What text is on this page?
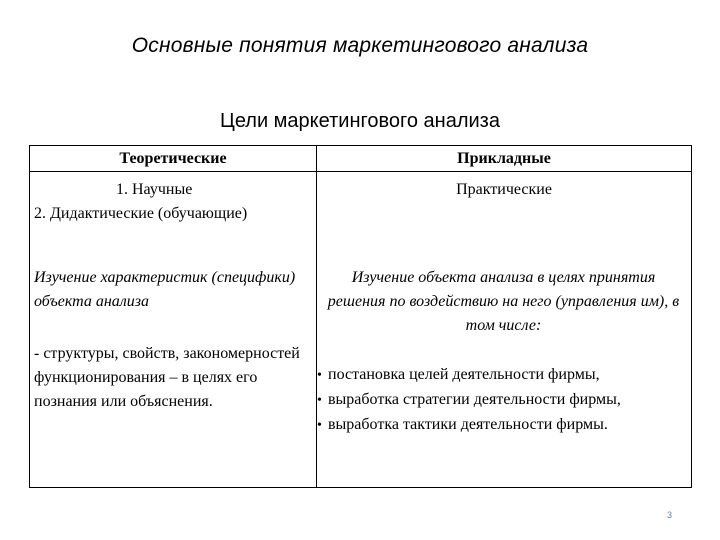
Основные понятия маркетингового анализа
Цели маркетингового анализа
Теоретические	Прикладные
1. Научные
2. Дидактические (обучающие)
Практические
Изучение характеристик (специфики) объекта анализа
Изучение объекта анализа в целях принятия решения по воздействию на него (управления им), в том числе:
- структуры, свойств, закономерностей функционирования – в целях его познания или объяснения.
• постановка целей деятельности фирмы,
• выработка стратегии деятельности фирмы,
• выработка тактики деятельности фирмы.
3
